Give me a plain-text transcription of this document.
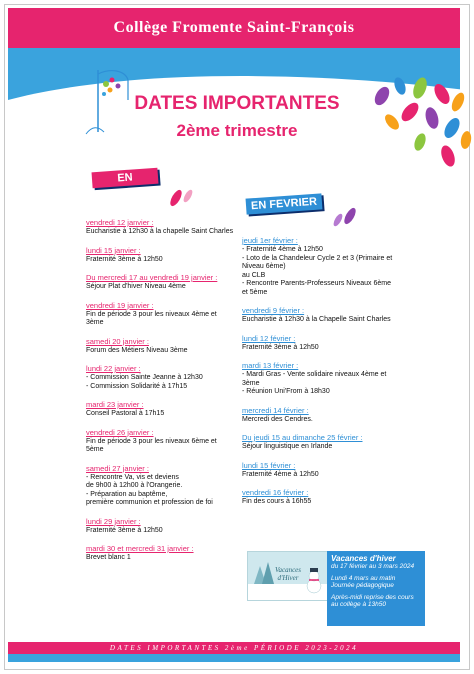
Collège Fromente Saint-François
DATES IMPORTANTES
2ème trimestre
EN JANVIER
EN FEVRIER
vendredi 12 janvier :
Eucharistie à 12h30 à la chapelle Saint Charles
lundi 15 janvier :
Fraternité 3ème à 12h50
Du mercredi 17 au vendredi 19 janvier :
Séjour Plat d'hiver Niveau 4ème
vendredi 19 janvier :
Fin de période 3 pour les niveaux 4ème et 3ème
samedi 20 janvier :
Forum des Métiers Niveau 3ème
lundi 22 janvier :
- Commission Sainte Jeanne à 12h30
- Commission Solidarité à 17h15
mardi 23 janvier :
Conseil Pastoral à 17h15
vendredi 26 janvier :
Fin de période 3 pour les niveaux 6ème et 5ème
samedi 27 janvier :
- Rencontre Va, vis et deviens
de 9h00 à 12h00 à l'Orangerie.
- Préparation au baptême,
première communion et profession de foi
lundi 29 janvier :
Fraternité 3ème à 12h50
mardi 30 et mercredi 31 janvier :
Brevet blanc 1
jeudi 1er février :
- Fraternité 4ème à 12h50
- Loto de la Chandeleur Cycle 2 et 3 (Primaire et Niveau 6ème)
au CLB
- Rencontre Parents-Professeurs Niveaux 6ème
et 5ème
vendredi 9 février :
Eucharistie à 12h30 à la Chapelle Saint Charles
lundi 12 février :
Fraternité 3ème à 12h50
mardi 13 février :
- Mardi Gras - Vente solidaire niveaux 4ème et 3ème
- Réunion Uni'From à 18h30
mercredi 14 février :
Mercredi des Cendres.
Du jeudi 15 au dimanche 25 février :
Séjour linguistique en Irlande
lundi 15 février :
Fraternité 4ème à 12h50
vendredi 16 février :
Fin des cours à 16h55
Vacances d'Hiver
Vacances d'hiver
du 17 février au 3 mars 2024
Lundi 4 mars au matin
Journée pédagogique
Après-midi reprise des cours
au collège à 13h50
DATES IMPORTANTES 2ème PÉRIODE 2023-2024
